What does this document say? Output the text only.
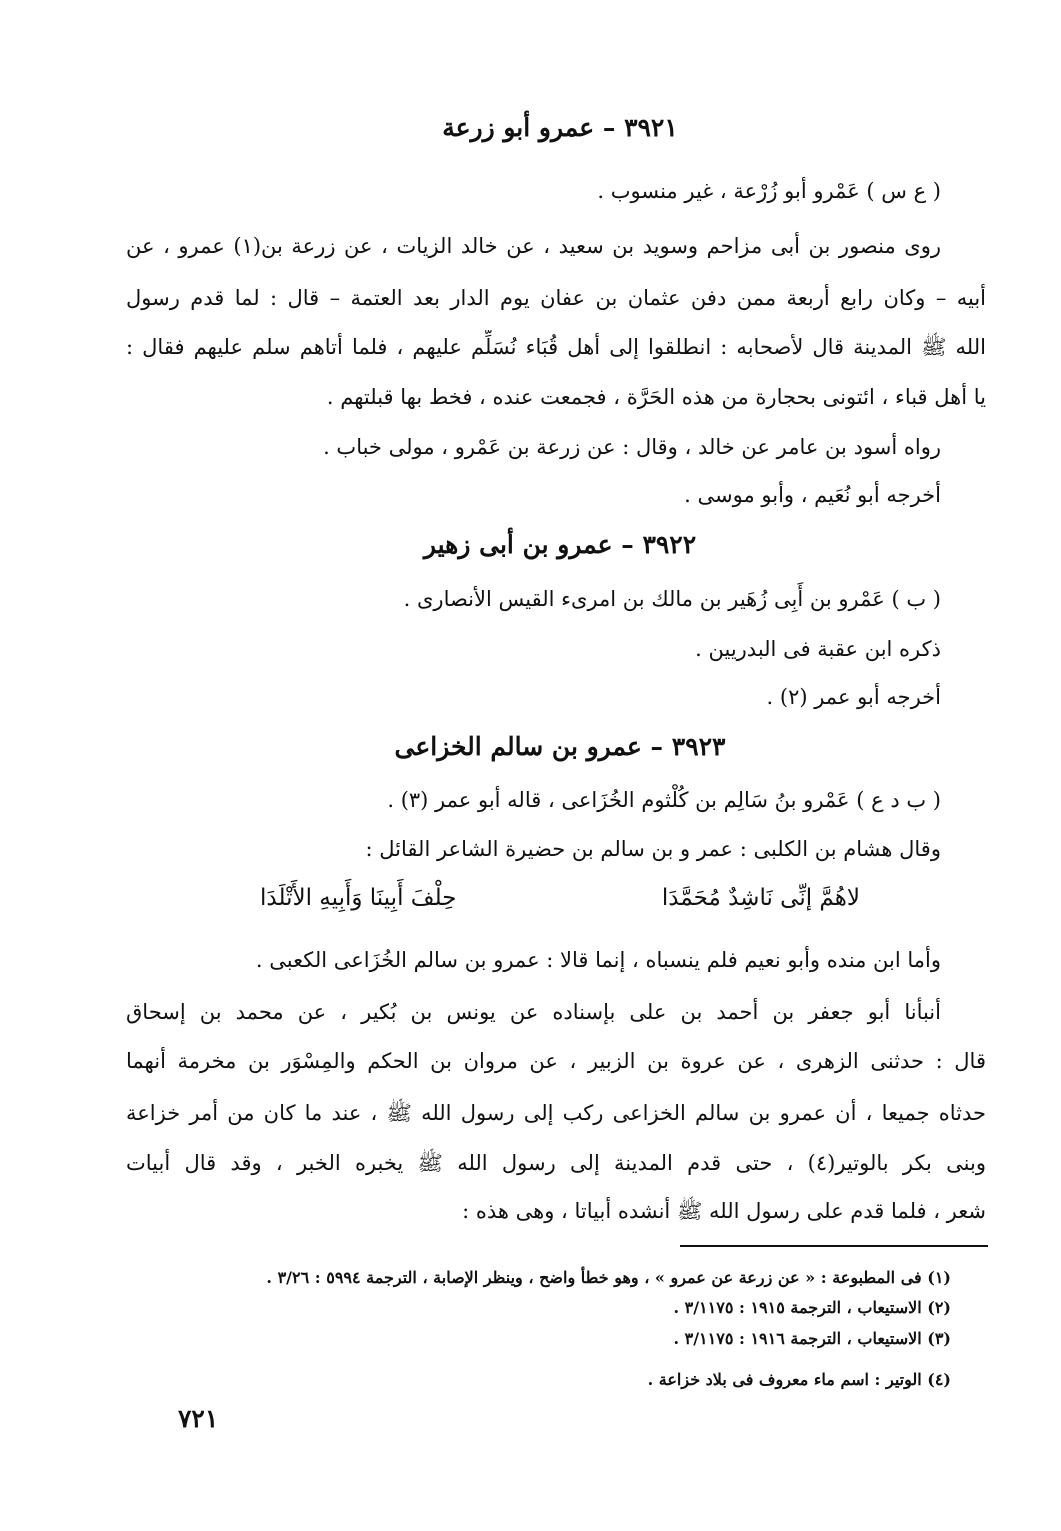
٣٩٢١ – عمرو أبو زرعة
( ع س ) عَمْرو أبو زُرْعة ، غير منسوب .
روى منصور بن أبى مزاحم وسويد بن سعيد ، عن خالد الزيات ، عن زرعة بن(١) عمرو ، عن
أبيه – وكان رابع أربعة ممن دفن عثمان بن عفان يوم الدار بعد العتمة – قال : لما قدم رسول
الله ﷺ المدينة قال لأصحابه : انطلقوا إلى أهل قُبَاء نُسَلِّم عليهم ، فلما أتاهم سلم عليهم فقال :
يا أهل قباء ، ائتونى بحجارة من هذه الحَرَّة ، فجمعت عنده ، فخط بها قبلتهم .
رواه أسود بن عامر عن خالد ، وقال : عن زرعة بن عَمْرو ، مولى خباب .
أخرجه أبو نُعَيم ، وأبو موسى .
٣٩٢٢ – عمرو بن أبى زهير
( ب ) عَمْرو بن أَبِى زُهَير بن مالك بن امرىء القيس الأنصارى .
ذكره ابن عقبة فى البدريين .
أخرجه أبو عمر (٢) .
٣٩٢٣ – عمرو بن سالم الخزاعى
( ب د ع ) عَمْرو بنُ سَالِم بن كُلْثوم الخُزَاعى ، قاله أبو عمر (٣) .
وقال هشام بن الكلبى : عمر و بن سالم بن حضيرة الشاعر القائل :
لاهُمَّ إنِّى نَاشِدٌ مُحَمَّدَا
حِلْفَ أَبِينَا وَأَبِيهِ الأَتْلَدَا
وأما ابن منده وأبو نعيم فلم ينسباه ، إنما قالا : عمرو بن سالم الخُزَاعى الكعبى .
أنبأنا أبو جعفر بن أحمد بن على بإسناده عن يونس بن بُكير ، عن محمد بن إسحاق
قال : حدثنى الزهرى ، عن عروة بن الزبير ، عن مروان بن الحكم والمِسْوَر بن مخرمة أنهما
حدثاه جميعا ، أن عمرو بن سالم الخزاعى ركب إلى رسول الله ﷺ ، عند ما كان من أمر خزاعة
وبنى بكر بالوتير(٤) ، حتى قدم المدينة إلى رسول الله ﷺ يخبره الخبر ، وقد قال أبيات
شعر ، فلما قدم على رسول الله ﷺ أنشده أبياتا ، وهى هذه :
(١) فى المطبوعة : « عن زرعة عن عمرو » ، وهو خطأ واضح ، وينظر الإصابة ، الترجمة ٥٩٩٤ : ٣/٢٦ .
(٢) الاستيعاب ، الترجمة ١٩١٥ : ٣/١١٧٥ .
(٣) الاستيعاب ، الترجمة ١٩١٦ : ٣/١١٧٥ .
(٤) الوتير : اسم ماء معروف فى بلاد خزاعة .
٧٢١
